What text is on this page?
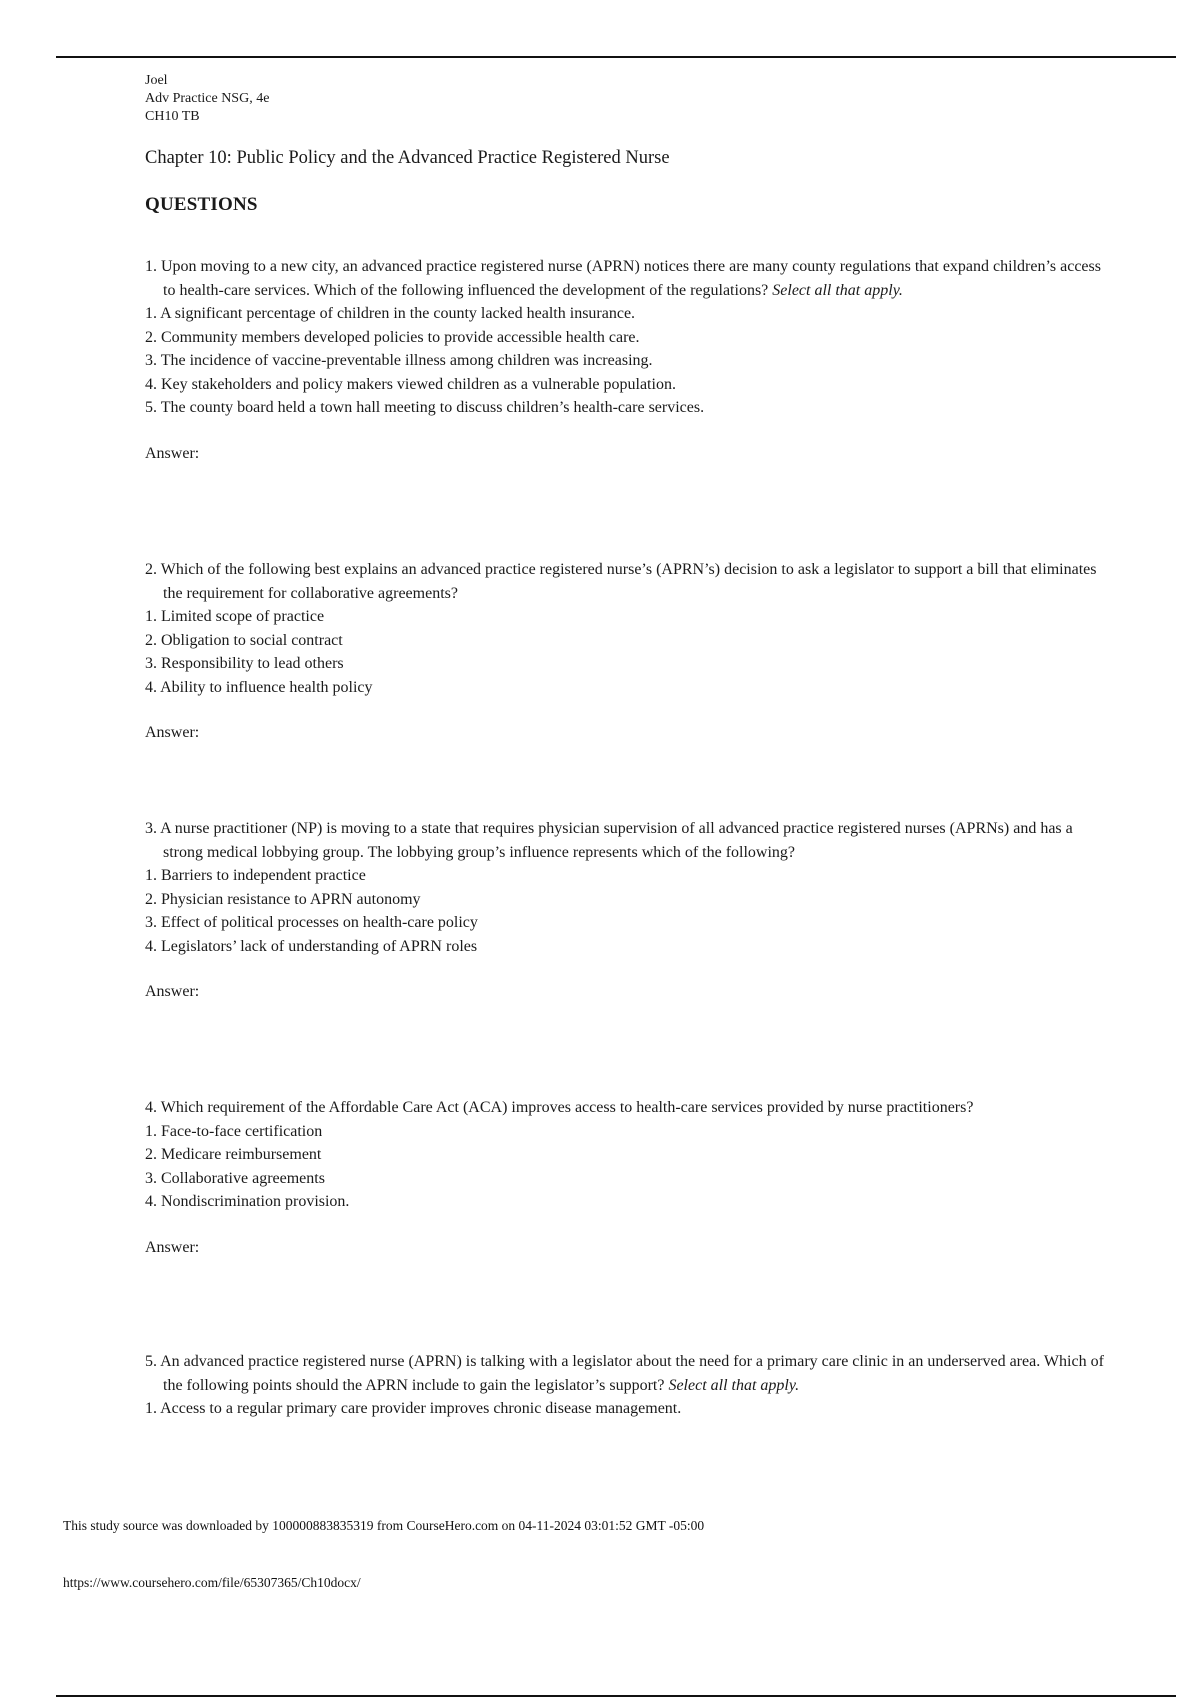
Joel
Adv Practice NSG, 4e
CH10 TB
Chapter 10: Public Policy and the Advanced Practice Registered Nurse
QUESTIONS
1. Upon moving to a new city, an advanced practice registered nurse (APRN) notices there are many county regulations that expand children’s access to health-care services. Which of the following influenced the development of the regulations? Select all that apply.
1. A significant percentage of children in the county lacked health insurance.
2. Community members developed policies to provide accessible health care.
3. The incidence of vaccine-preventable illness among children was increasing.
4. Key stakeholders and policy makers viewed children as a vulnerable population.
5. The county board held a town hall meeting to discuss children’s health-care services.
Answer:
2. Which of the following best explains an advanced practice registered nurse’s (APRN’s) decision to ask a legislator to support a bill that eliminates the requirement for collaborative agreements?
1. Limited scope of practice
2. Obligation to social contract
3. Responsibility to lead others
4. Ability to influence health policy
Answer:
3. A nurse practitioner (NP) is moving to a state that requires physician supervision of all advanced practice registered nurses (APRNs) and has a strong medical lobbying group. The lobbying group’s influence represents which of the following?
1. Barriers to independent practice
2. Physician resistance to APRN autonomy
3. Effect of political processes on health-care policy
4. Legislators’ lack of understanding of APRN roles
Answer:
4. Which requirement of the Affordable Care Act (ACA) improves access to health-care services provided by nurse practitioners?
1. Face-to-face certification
2. Medicare reimbursement
3. Collaborative agreements
4. Nondiscrimination provision.
Answer:
5. An advanced practice registered nurse (APRN) is talking with a legislator about the need for a primary care clinic in an underserved area. Which of the following points should the APRN include to gain the legislator’s support? Select all that apply.
1. Access to a regular primary care provider improves chronic disease management.
This study source was downloaded by 100000883835319 from CourseHero.com on 04-11-2024 03:01:52 GMT -05:00
https://www.coursehero.com/file/65307365/Ch10docx/
